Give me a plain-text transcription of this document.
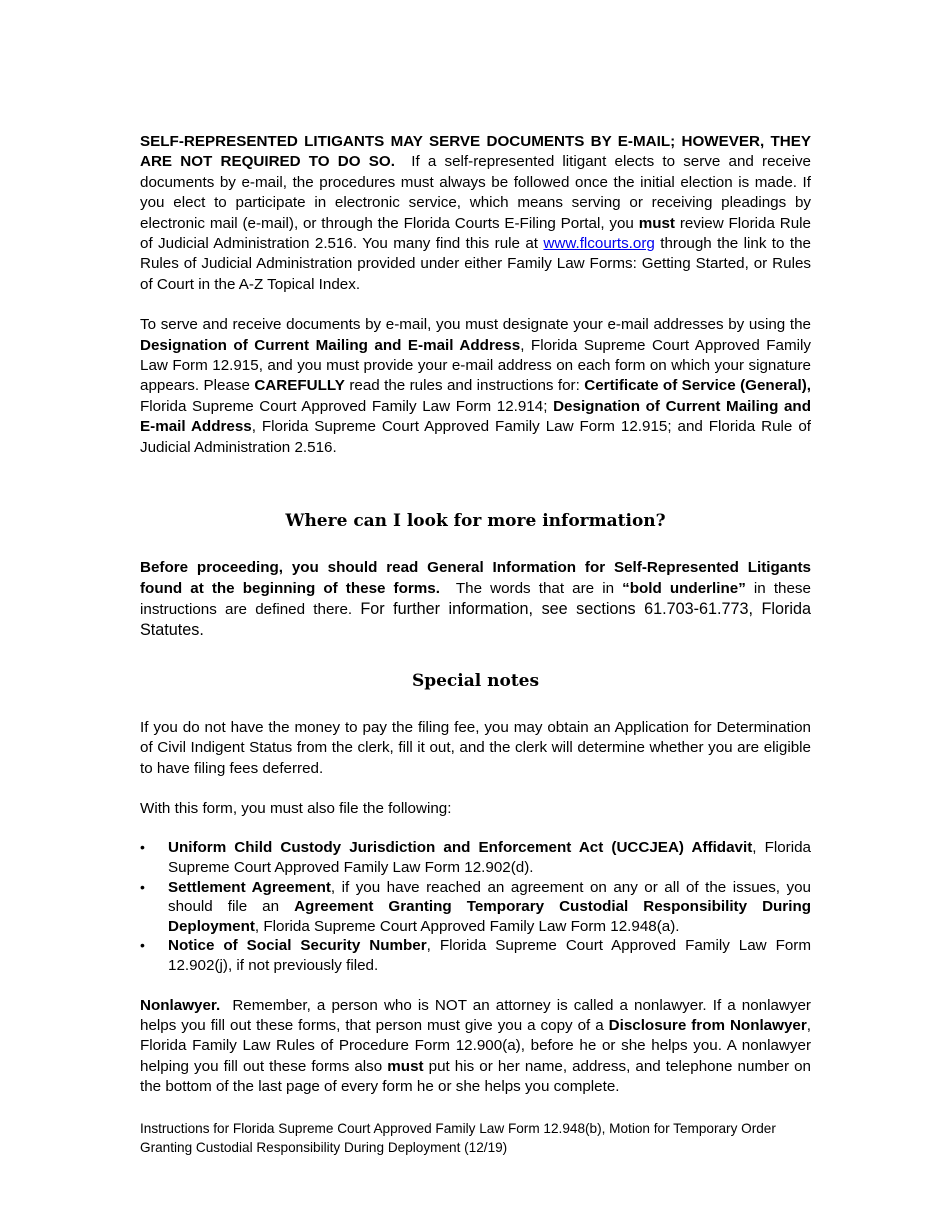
SELF-REPRESENTED LITIGANTS MAY SERVE DOCUMENTS BY E-MAIL; HOWEVER, THEY ARE NOT REQUIRED TO DO SO. If a self-represented litigant elects to serve and receive documents by e-mail, the procedures must always be followed once the initial election is made. If you elect to participate in electronic service, which means serving or receiving pleadings by electronic mail (e-mail), or through the Florida Courts E-Filing Portal, you must review Florida Rule of Judicial Administration 2.516. You many find this rule at www.flcourts.org through the link to the Rules of Judicial Administration provided under either Family Law Forms: Getting Started, or Rules of Court in the A-Z Topical Index.

To serve and receive documents by e-mail, you must designate your e-mail addresses by using the Designation of Current Mailing and E-mail Address, Florida Supreme Court Approved Family Law Form 12.915, and you must provide your e-mail address on each form on which your signature appears. Please CAREFULLY read the rules and instructions for: Certificate of Service (General), Florida Supreme Court Approved Family Law Form 12.914; Designation of Current Mailing and E-mail Address, Florida Supreme Court Approved Family Law Form 12.915; and Florida Rule of Judicial Administration 2.516.

Where can I look for more information?

Before proceeding, you should read General Information for Self-Represented Litigants found at the beginning of these forms. The words that are in “bold underline” in these instructions are defined there. For further information, see sections 61.703-61.773, Florida Statutes.

Special notes

If you do not have the money to pay the filing fee, you may obtain an Application for Determination of Civil Indigent Status from the clerk, fill it out, and the clerk will determine whether you are eligible to have filing fees deferred.

With this form, you must also file the following:

• Uniform Child Custody Jurisdiction and Enforcement Act (UCCJEA) Affidavit, Florida Supreme Court Approved Family Law Form 12.902(d).
• Settlement Agreement, if you have reached an agreement on any or all of the issues, you should file an Agreement Granting Temporary Custodial Responsibility During Deployment, Florida Supreme Court Approved Family Law Form 12.948(a).
• Notice of Social Security Number, Florida Supreme Court Approved Family Law Form 12.902(j), if not previously filed.

Nonlawyer. Remember, a person who is NOT an attorney is called a nonlawyer. If a nonlawyer helps you fill out these forms, that person must give you a copy of a Disclosure from Nonlawyer, Florida Family Law Rules of Procedure Form 12.900(a), before he or she helps you. A nonlawyer helping you fill out these forms also must put his or her name, address, and telephone number on the bottom of the last page of every form he or she helps you complete.

Instructions for Florida Supreme Court Approved Family Law Form 12.948(b), Motion for Temporary Order Granting Custodial Responsibility During Deployment (12/19)
